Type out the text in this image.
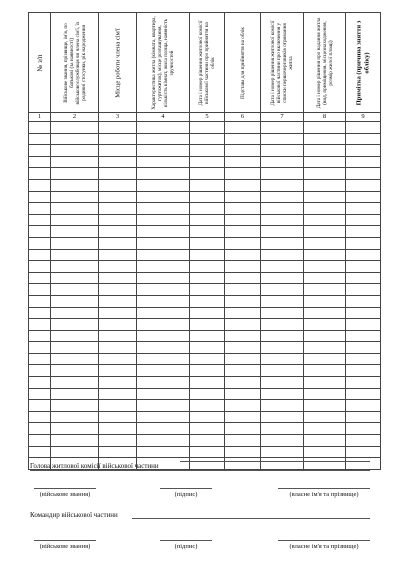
№ з/п	Військове звання, прізвище, ім'я, по батькові (за наявності) військовослужбовця чи члена сім'ї, їх родинні стосунки, рік народження	Місце роботи члена сім'ї	Характеристика житла (кімната, квартира, гуртожиток), місце розташування, кількість кімнат, жила площа, наявність зручностей	Дата і номер рішення житлової комісії військової частини про прийняття на облік	Підстава для прийняття на облік	Дата і номер рішення житлової комісії військової частини про включення у списки першочерговиків отримання житла	Дата і номер рішення про надання житла (вид, приміщення, місцезнаходження, розмір жилої площі)	Примітка (причина зняття з обліку)

1	2	3	4	5	6	7	8	9

Голова житлової комісії військової частини
(військове звання)	(підпис)	(власне ім'я та прізвище)
Командир військової частини
(військове звання)	(підпис)	(власне ім'я та прізвище)
